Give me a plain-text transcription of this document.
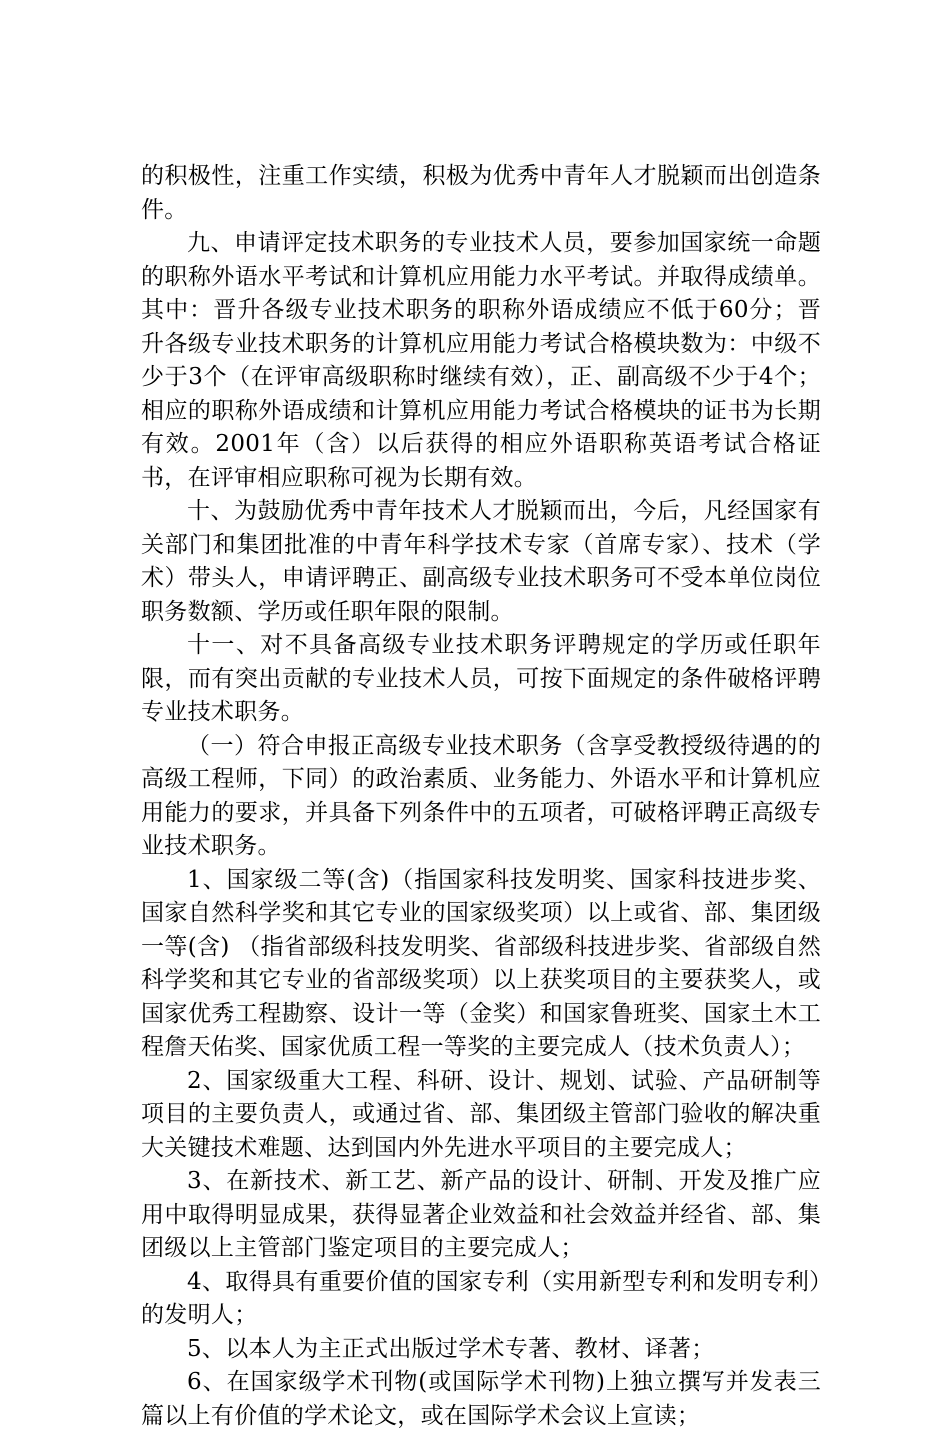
的积极性，注重工作实绩，积极为优秀中青年人才脱颖而出创造条件。

九、申请评定技术职务的专业技术人员，要参加国家统一命题的职称外语水平考试和计算机应用能力水平考试。并取得成绩单。其中：晋升各级专业技术职务的职称外语成绩应不低于60分；晋升各级专业技术职务的计算机应用能力考试合格模块数为：中级不少于3个（在评审高级职称时继续有效），正、副高级不少于4个；相应的职称外语成绩和计算机应用能力考试合格模块的证书为长期有效。2001年（含）以后获得的相应外语职称英语考试合格证书，在评审相应职称可视为长期有效。

十、为鼓励优秀中青年技术人才脱颖而出，今后，凡经国家有关部门和集团批准的中青年科学技术专家（首席专家）、技术（学术）带头人，申请评聘正、副高级专业技术职务可不受本单位岗位职务数额、学历或任职年限的限制。

十一、对不具备高级专业技术职务评聘规定的学历或任职年限，而有突出贡献的专业技术人员，可按下面规定的条件破格评聘专业技术职务。

（一）符合申报正高级专业技术职务（含享受教授级待遇的的高级工程师，下同）的政治素质、业务能力、外语水平和计算机应用能力的要求，并具备下列条件中的五项者，可破格评聘正高级专业技术职务。

1、国家级二等(含)（指国家科技发明奖、国家科技进步奖、国家自然科学奖和其它专业的国家级奖项）以上或省、部、集团级一等(含) （指省部级科技发明奖、省部级科技进步奖、省部级自然科学奖和其它专业的省部级奖项）以上获奖项目的主要获奖人，或国家优秀工程勘察、设计一等（金奖）和国家鲁班奖、国家土木工程詹天佑奖、国家优质工程一等奖的主要完成人（技术负责人）；

2、国家级重大工程、科研、设计、规划、试验、产品研制等项目的主要负责人，或通过省、部、集团级主管部门验收的解决重大关键技术难题、达到国内外先进水平项目的主要完成人；

3、在新技术、新工艺、新产品的设计、研制、开发及推广应用中取得明显成果，获得显著企业效益和社会效益并经省、部、集团级以上主管部门鉴定项目的主要完成人；

4、取得具有重要价值的国家专利（实用新型专利和发明专利）的发明人；

5、以本人为主正式出版过学术专著、教材、译著；

6、在国家级学术刊物(或国际学术刊物)上独立撰写并发表三篇以上有价值的学术论文，或在国际学术会议上宣读；
